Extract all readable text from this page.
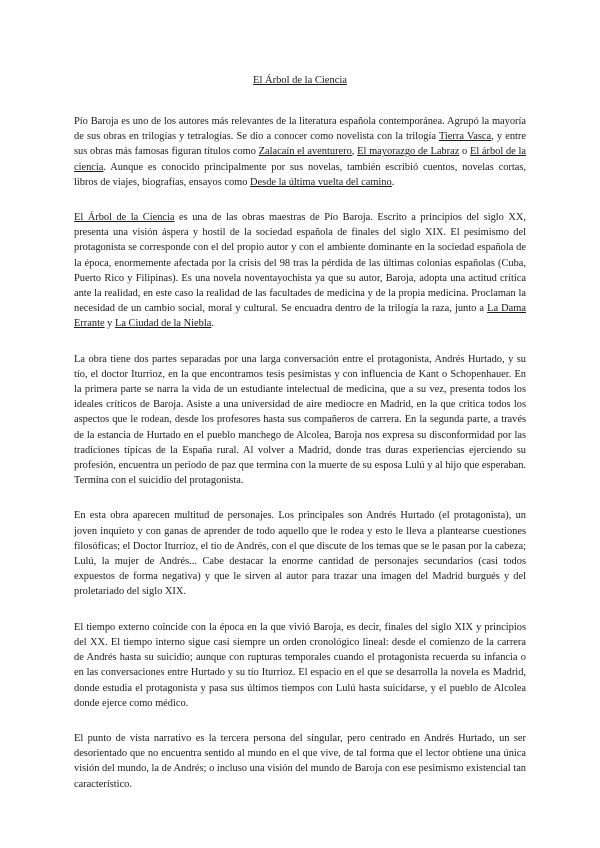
El Árbol de la Ciencia

Pío Baroja es uno de los autores más relevantes de la literatura española contemporánea. Agrupó la mayoría de sus obras en trilogías y tetralogías. Se dio a conocer como novelista con la trilogía Tierra Vasca, y entre sus obras más famosas figuran títulos como Zalacaín el aventurero, El mayorazgo de Labraz o El árbol de la ciencia. Aunque es conocido principalmente por sus novelas, también escribió cuentos, novelas cortas, libros de viajes, biografías, ensayos como Desde la última vuelta del camino.

El Árbol de la Ciencia es una de las obras maestras de Pío Baroja. Escrito a principios del siglo XX, presenta una visión áspera y hostil de la sociedad española de finales del siglo XIX. El pesimismo del protagonista se corresponde con el del propio autor y con el ambiente dominante en la sociedad española de la época, enormemente afectada por la crisis del 98 tras la pérdida de las últimas colonias españolas (Cuba, Puerto Rico y Filipinas). Es una novela noventayochista ya que su autor, Baroja, adopta una actitud crítica ante la realidad, en este caso la realidad de las facultades de medicina y de la propia medicina. Proclaman la necesidad de un cambio social, moral y cultural. Se encuadra dentro de la trilogía la raza, junto a La Dama Errante y La Ciudad de la Niebla.

La obra tiene dos partes separadas por una larga conversación entre el protagonista, Andrés Hurtado, y su tío, el doctor Iturrioz, en la que encontramos tesis pesimistas y con influencia de Kant o Schopenhauer. En la primera parte se narra la vida de un estudiante intelectual de medicina, que a su vez, presenta todos los ideales críticos de Baroja. Asiste a una universidad de aire mediocre en Madrid, en la que critica todos los aspectos que le rodean, desde los profesores hasta sus compañeros de carrera. En la segunda parte, a través de la estancia de Hurtado en el pueblo manchego de Alcolea, Baroja nos expresa su disconformidad por las tradiciones típicas de la España rural. Al volver a Madrid, donde tras duras experiencias ejerciendo su profesión, encuentra un periodo de paz que termina con la muerte de su esposa Lulú y al hijo que esperaban. Termina con el suicidio del protagonista.

En esta obra aparecen multitud de personajes. Los principales son Andrés Hurtado (el protagonista), un joven inquieto y con ganas de aprender de todo aquello que le rodea y esto le lleva a plantearse cuestiones filosóficas; el Doctor Iturrioz, el tío de Andrés, con el que discute de los temas que se le pasan por la cabeza; Lulú, la mujer de Andrés... Cabe destacar la enorme cantidad de personajes secundarios (casi todos expuestos de forma negativa) y que le sirven al autor para trazar una imagen del Madrid burgués y del proletariado del siglo XIX.

El tiempo externo coincide con la época en la que vivió Baroja, es decir, finales del siglo XIX y principios del XX. El tiempo interno sigue casi siempre un orden cronológico lineal: desde el comienzo de la carrera de Andrés hasta su suicidio; aunque con rupturas temporales cuando el protagonista recuerda su infancia o en las conversaciones entre Hurtado y su tío Iturrioz. El espacio en el que se desarrolla la novela es Madrid, donde estudia el protagonista y pasa sus últimos tiempos con Lulú hasta suicidarse, y el pueblo de Alcolea donde ejerce como médico.

El punto de vista narrativo es la tercera persona del singular, pero centrado en Andrés Hurtado, un ser desorientado que no encuentra sentido al mundo en el que vive, de tal forma que el lector obtiene una única visión del mundo, la de Andrés; o incluso una visión del mundo de Baroja con ese pesimismo existencial tan característico.
